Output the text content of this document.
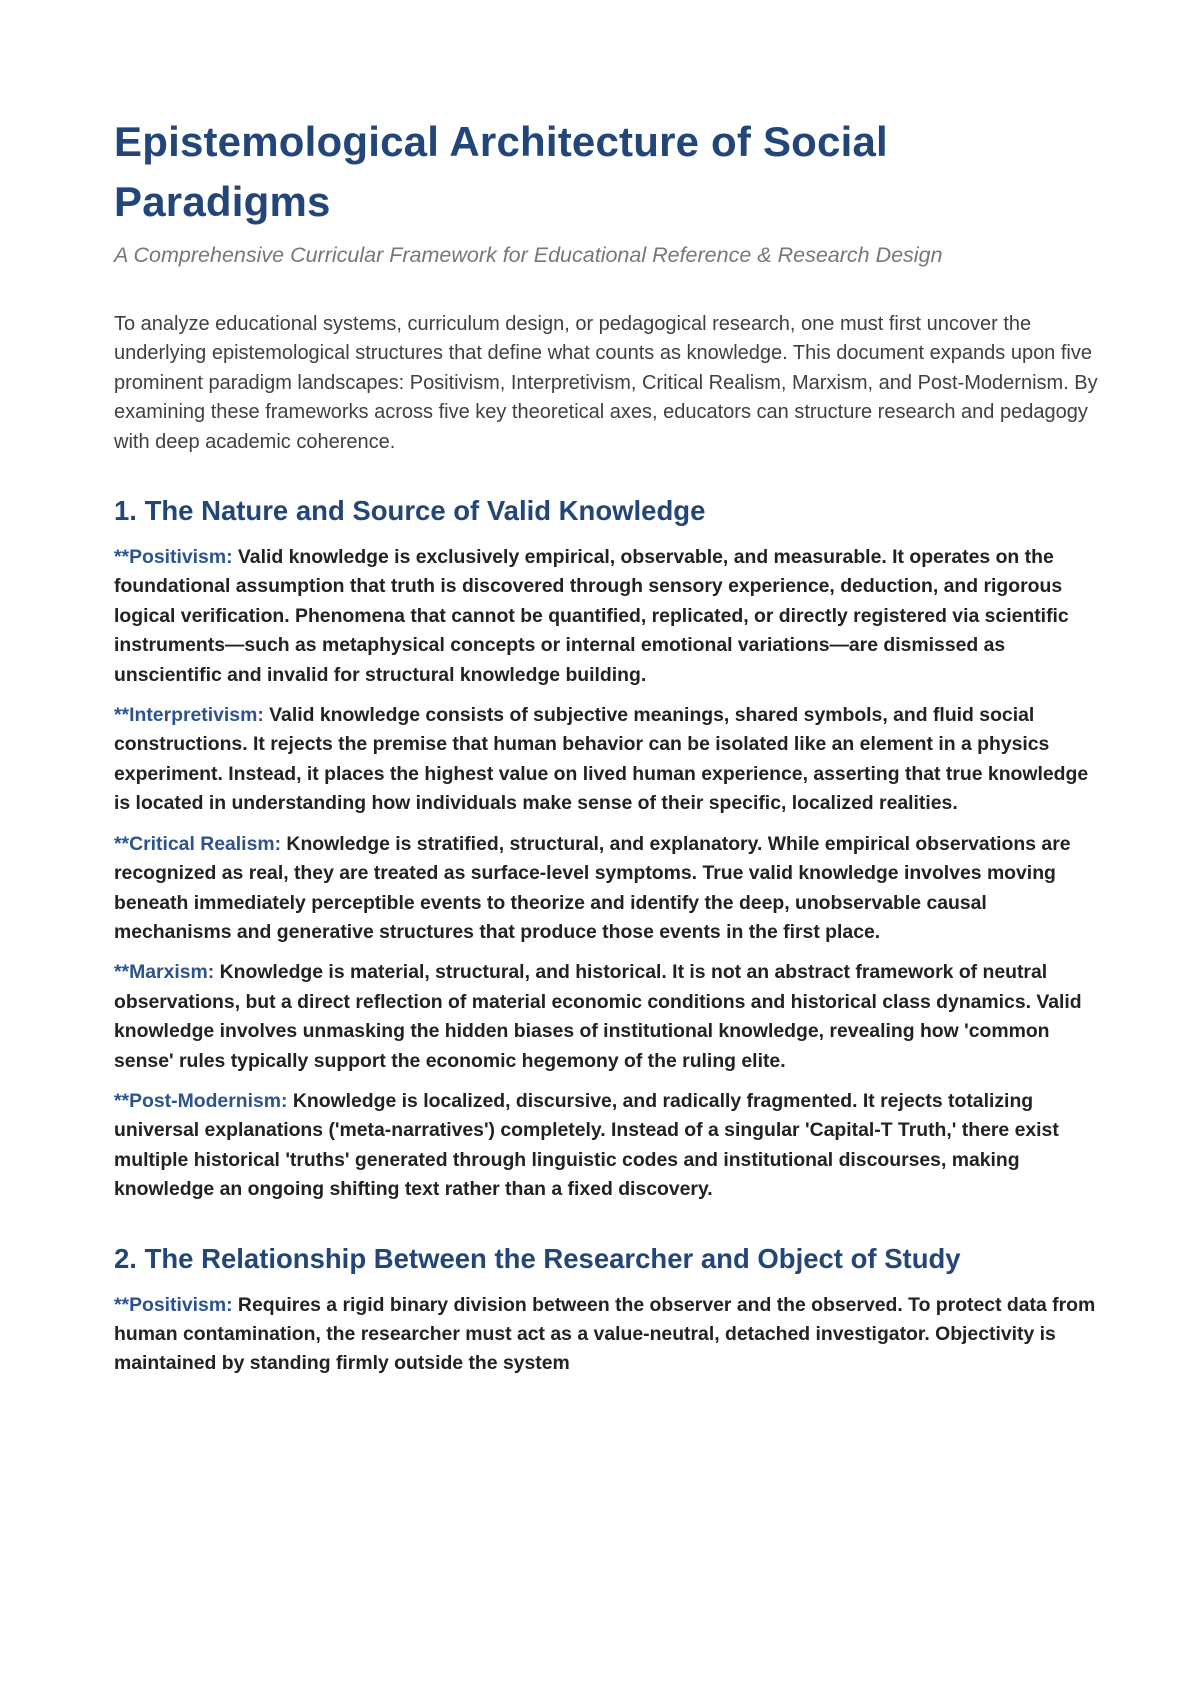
Epistemological Architecture of Social Paradigms

A Comprehensive Curricular Framework for Educational Reference & Research Design

To analyze educational systems, curriculum design, or pedagogical research, one must first uncover the underlying epistemological structures that define what counts as knowledge. This document expands upon five prominent paradigm landscapes: Positivism, Interpretivism, Critical Realism, Marxism, and Post-Modernism. By examining these frameworks across five key theoretical axes, educators can structure research and pedagogy with deep academic coherence.

1. The Nature and Source of Valid Knowledge

**Positivism: Valid knowledge is exclusively empirical, observable, and measurable. It operates on the foundational assumption that truth is discovered through sensory experience, deduction, and rigorous logical verification. Phenomena that cannot be quantified, replicated, or directly registered via scientific instruments—such as metaphysical concepts or internal emotional variations—are dismissed as unscientific and invalid for structural knowledge building.

**Interpretivism: Valid knowledge consists of subjective meanings, shared symbols, and fluid social constructions. It rejects the premise that human behavior can be isolated like an element in a physics experiment. Instead, it places the highest value on lived human experience, asserting that true knowledge is located in understanding how individuals make sense of their specific, localized realities.

**Critical Realism: Knowledge is stratified, structural, and explanatory. While empirical observations are recognized as real, they are treated as surface-level symptoms. True valid knowledge involves moving beneath immediately perceptible events to theorize and identify the deep, unobservable causal mechanisms and generative structures that produce those events in the first place.

**Marxism: Knowledge is material, structural, and historical. It is not an abstract framework of neutral observations, but a direct reflection of material economic conditions and historical class dynamics. Valid knowledge involves unmasking the hidden biases of institutional knowledge, revealing how 'common sense' rules typically support the economic hegemony of the ruling elite.

**Post-Modernism: Knowledge is localized, discursive, and radically fragmented. It rejects totalizing universal explanations ('meta-narratives') completely. Instead of a singular 'Capital-T Truth,' there exist multiple historical 'truths' generated through linguistic codes and institutional discourses, making knowledge an ongoing shifting text rather than a fixed discovery.

2. The Relationship Between the Researcher and Object of Study

**Positivism: Requires a rigid binary division between the observer and the observed. To protect data from human contamination, the researcher must act as a value-neutral, detached investigator. Objectivity is maintained by standing firmly outside the system
